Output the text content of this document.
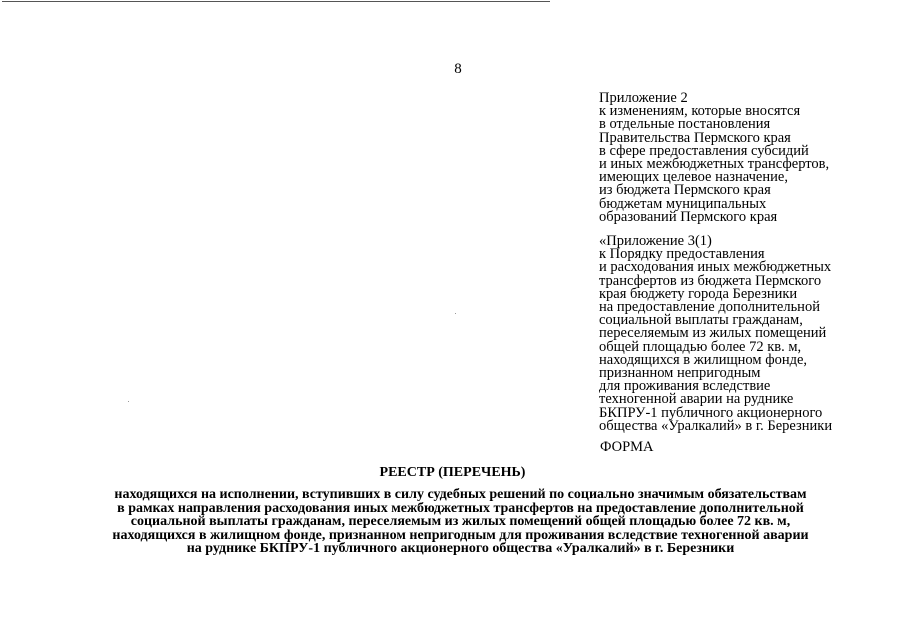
8
Приложение 2
к изменениям, которые вносятся
в отдельные постановления
Правительства Пермского края
в сфере предоставления субсидий
и иных межбюджетных трансфертов,
имеющих целевое назначение,
из бюджета Пермского края
бюджетам муниципальных
образований Пермского края
«Приложение 3(1)
к Порядку предоставления
и расходования иных межбюджетных
трансфертов из бюджета Пермского
края бюджету города Березники
на предоставление дополнительной
социальной выплаты гражданам,
переселяемым из жилых помещений
общей площадью более 72 кв. м,
находящихся в жилищном фонде,
признанном непригодным
для проживания вследствие
техногенной аварии на руднике
БКПРУ-1 публичного акционерного
общества «Уралкалий» в г. Березники
ФОРМА
РЕЕСТР (ПЕРЕЧЕНЬ)
находящихся на исполнении, вступивших в силу судебных решений по социально значимым обязательствам
в рамках направления расходования иных межбюджетных трансфертов на предоставление дополнительной
социальной выплаты гражданам, переселяемым из жилых помещений общей площадью более 72 кв. м,
находящихся в жилищном фонде, признанном непригодным для проживания вследствие техногенной аварии
на руднике БКПРУ-1 публичного акционерного общества «Уралкалий» в г. Березники
